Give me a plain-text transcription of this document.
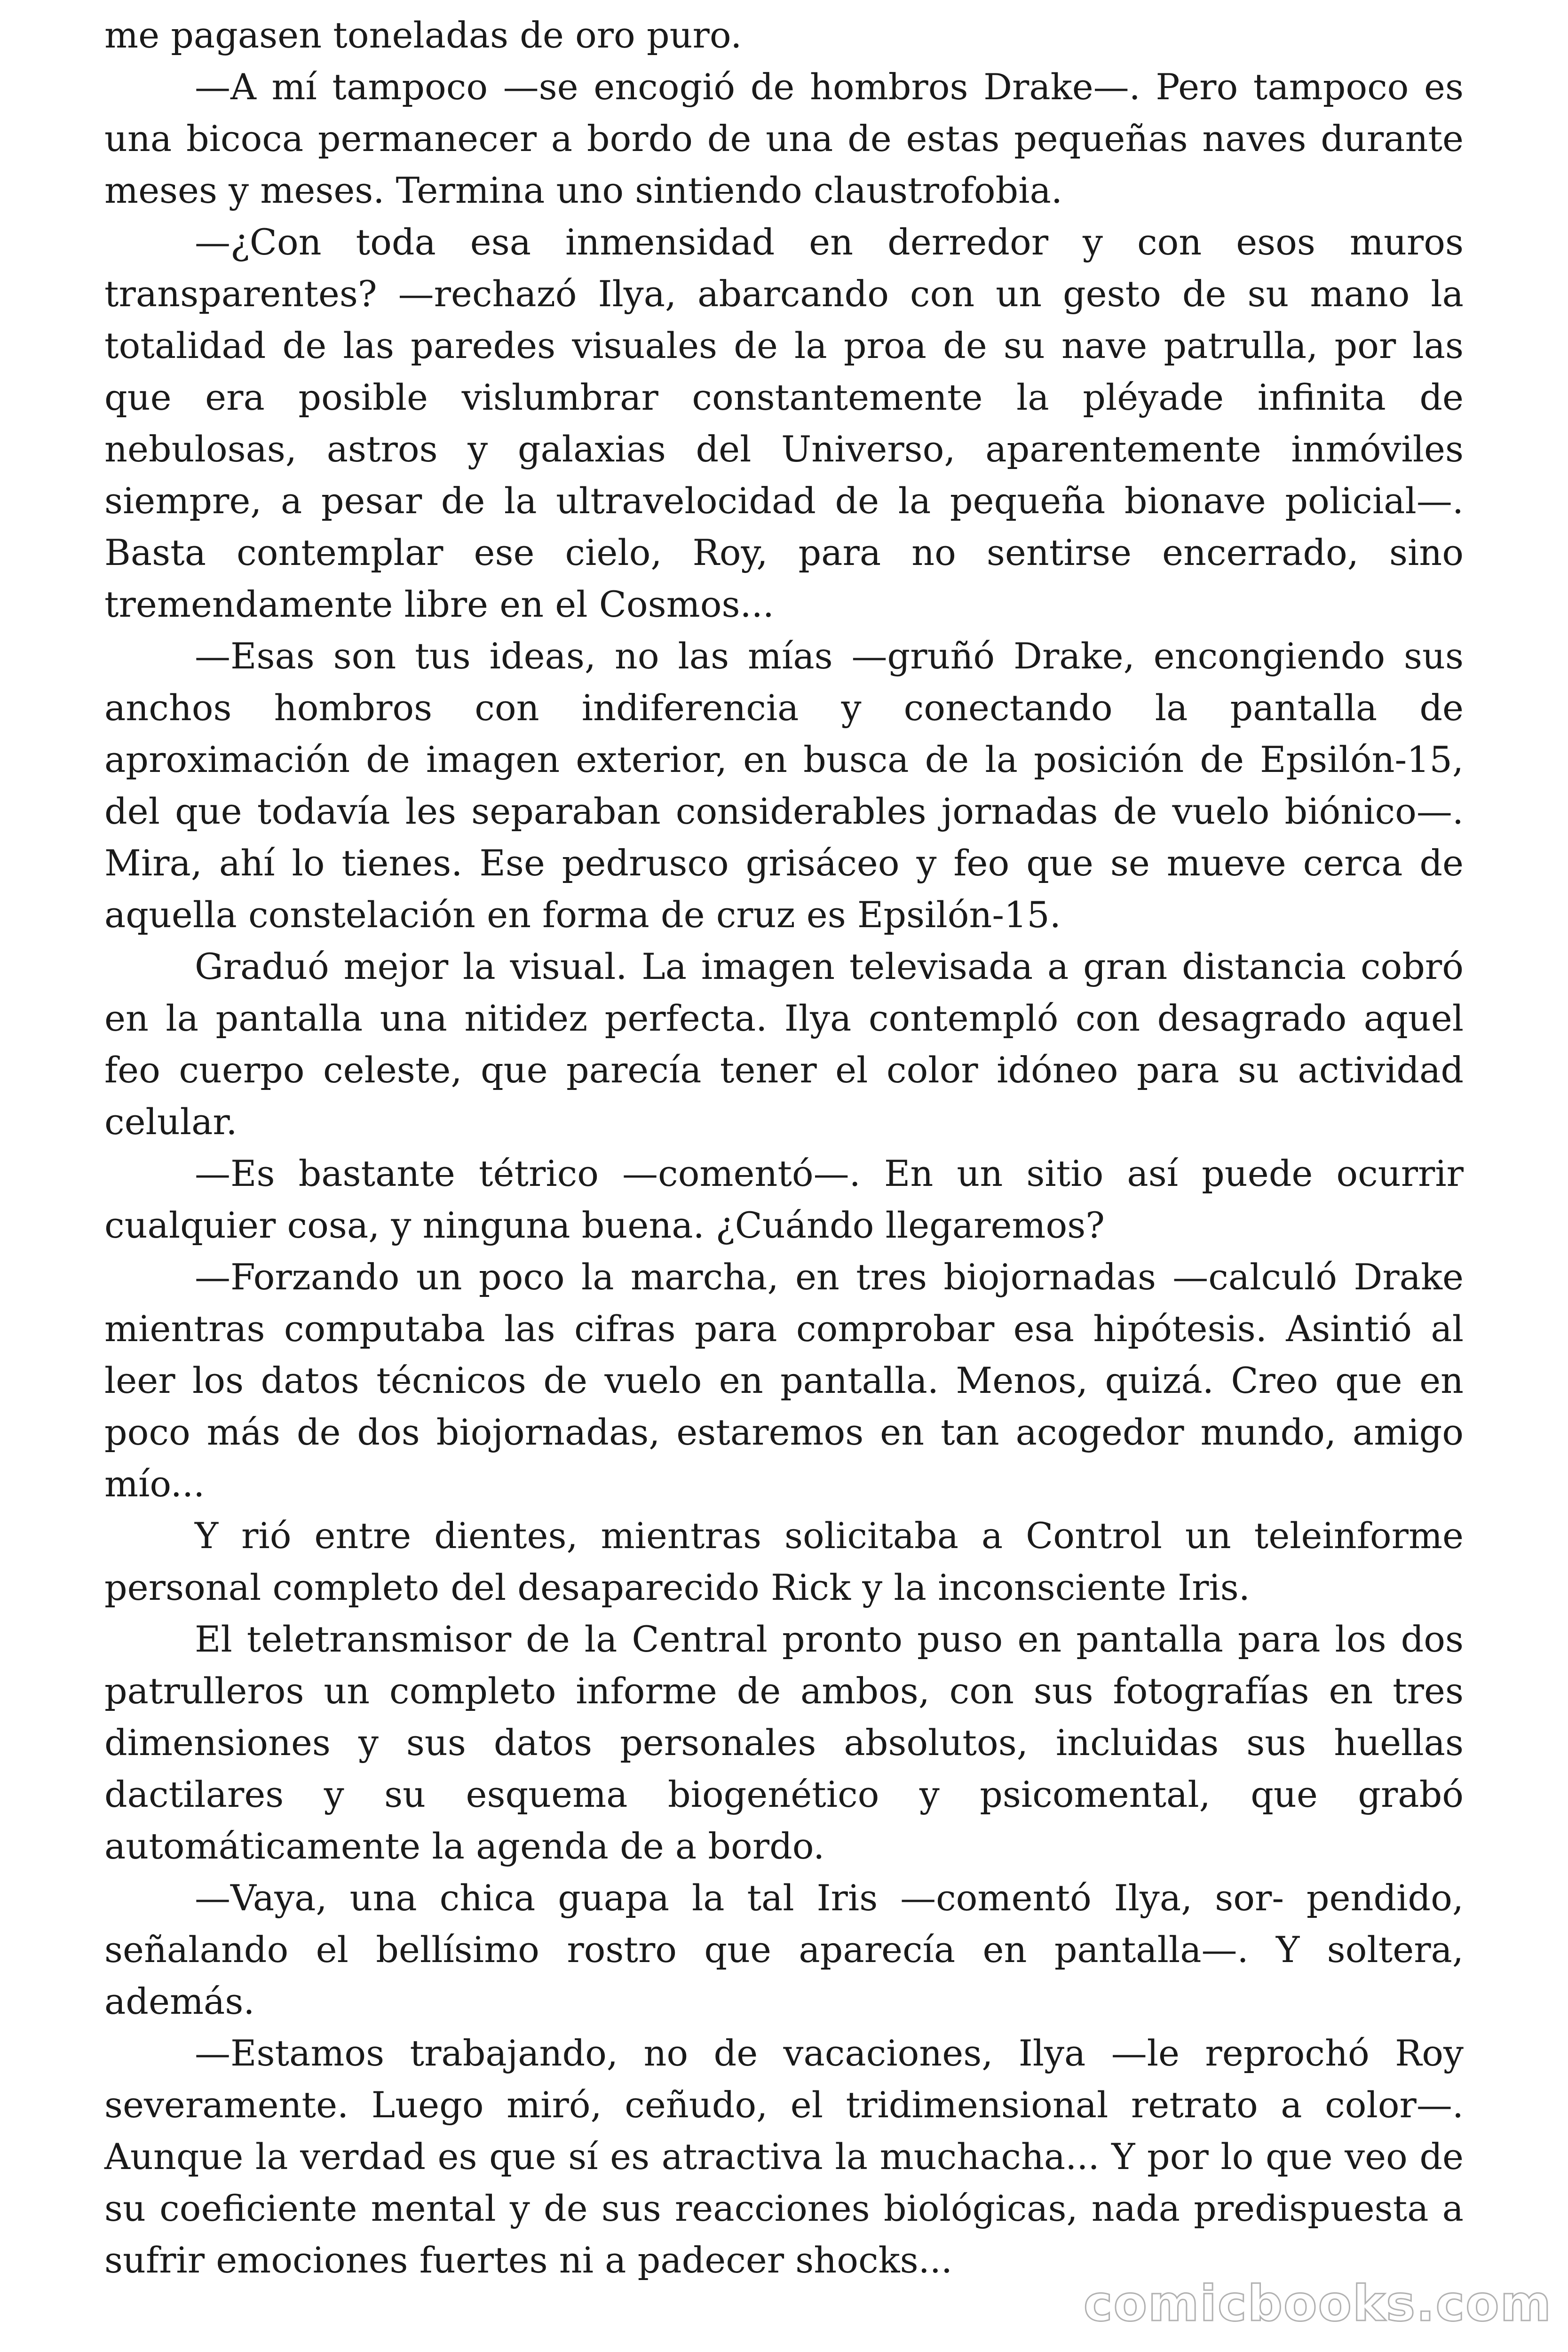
me pagasen toneladas de oro puro.

—A mí tampoco —se encogió de hombros Drake—. Pero tampoco es una bicoca permanecer a bordo de una de estas pequeñas naves durante meses y meses. Termina uno sintiendo claustrofobia.

—¿Con toda esa inmensidad en derredor y con esos muros transparentes? —rechazó Ilya, abarcando con un gesto de su mano la totalidad de las paredes visuales de la proa de su nave patrulla, por las que era posible vislumbrar constantemente la pléyade infinita de nebulosas, astros y galaxias del Universo, aparentemente inmóviles siempre, a pesar de la ultravelocidad de la pequeña bionave policial—. Basta contemplar ese cielo, Roy, para no sentirse encerrado, sino tremendamente libre en el Cosmos...

—Esas son tus ideas, no las mías —gruñó Drake, encongiendo sus anchos hombros con indiferencia y conectando la pantalla de aproximación de imagen exterior, en busca de la posición de Epsilón-15, del que todavía les separaban considerables jornadas de vuelo biónico—. Mira, ahí lo tienes. Ese pedrusco grisáceo y feo que se mueve cerca de aquella constelación en forma de cruz es Epsilón-15.

Graduó mejor la visual. La imagen televisada a gran distancia cobró en la pantalla una nitidez perfecta. Ilya contempló con desagrado aquel feo cuerpo celeste, que parecía tener el color idóneo para su actividad celular.

—Es bastante tétrico —comentó—. En un sitio así puede ocurrir cualquier cosa, y ninguna buena. ¿Cuándo llegaremos?

—Forzando un poco la marcha, en tres biojornadas —calculó Drake mientras computaba las cifras para comprobar esa hipótesis. Asintió al leer los datos técnicos de vuelo en pantalla. Menos, quizá. Creo que en poco más de dos biojornadas, estaremos en tan acogedor mundo, amigo mío...

Y rió entre dientes, mientras solicitaba a Control un teleinforme personal completo del desaparecido Rick y la inconsciente Iris.

El teletransmisor de la Central pronto puso en pantalla para los dos patrulleros un completo informe de ambos, con sus fotografías en tres dimensiones y sus datos personales absolutos, incluidas sus huellas dactilares y su esquema biogenético y psicomental, que grabó automáticamente la agenda de a bordo.

—Vaya, una chica guapa la tal Iris —comentó Ilya, sor- pendido, señalando el bellísimo rostro que aparecía en pantalla—. Y soltera, además.

—Estamos trabajando, no de vacaciones, Ilya —le reprochó Roy severamente. Luego miró, ceñudo, el tridimensional retrato a color—. Aunque la verdad es que sí es atractiva la muchacha... Y por lo que veo de su coeficiente mental y de sus reacciones biológicas, nada predispuesta a sufrir emociones fuertes ni a padecer shocks...

comicbooks.com
